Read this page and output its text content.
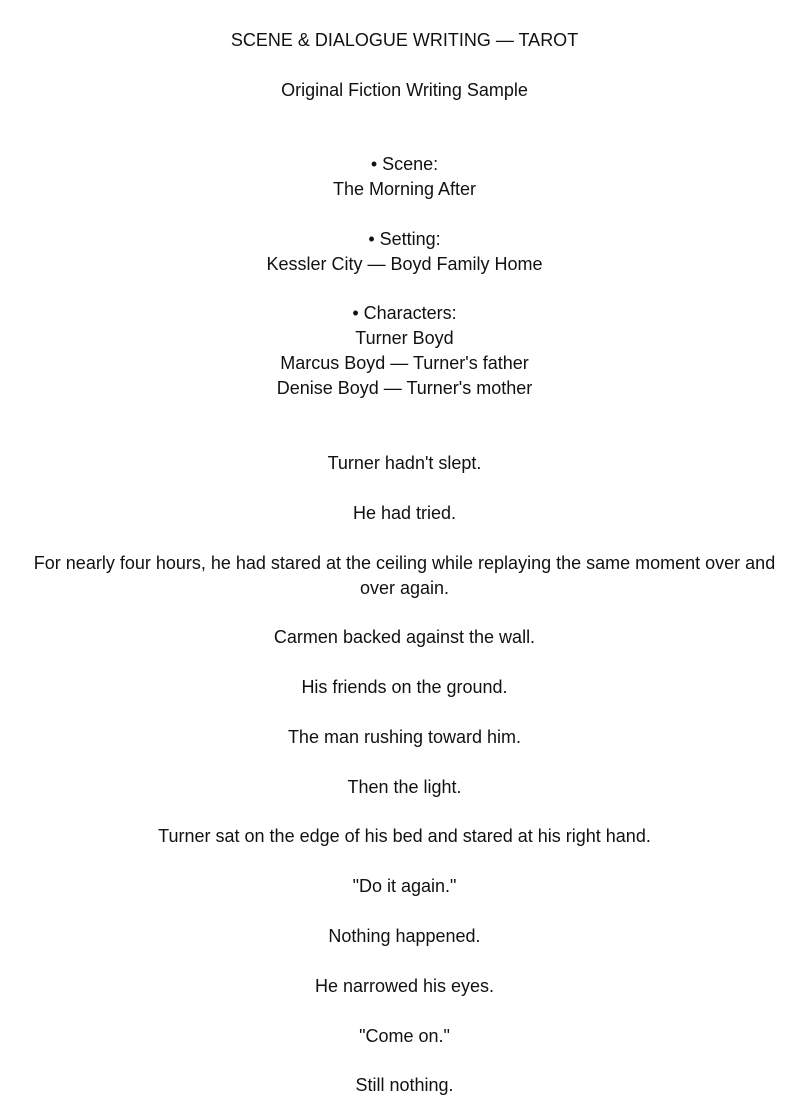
SCENE & DIALOGUE WRITING — TAROT
Original Fiction Writing Sample
• Scene:
The Morning After
• Setting:
Kessler City — Boyd Family Home
• Characters:
Turner Boyd
Marcus Boyd — Turner's father
Denise Boyd — Turner's mother
Turner hadn't slept.
He had tried.
For nearly four hours, he had stared at the ceiling while replaying the same moment over and over again.
Carmen backed against the wall.
His friends on the ground.
The man rushing toward him.
Then the light.
Turner sat on the edge of his bed and stared at his right hand.
"Do it again."
Nothing happened.
He narrowed his eyes.
"Come on."
Still nothing.
